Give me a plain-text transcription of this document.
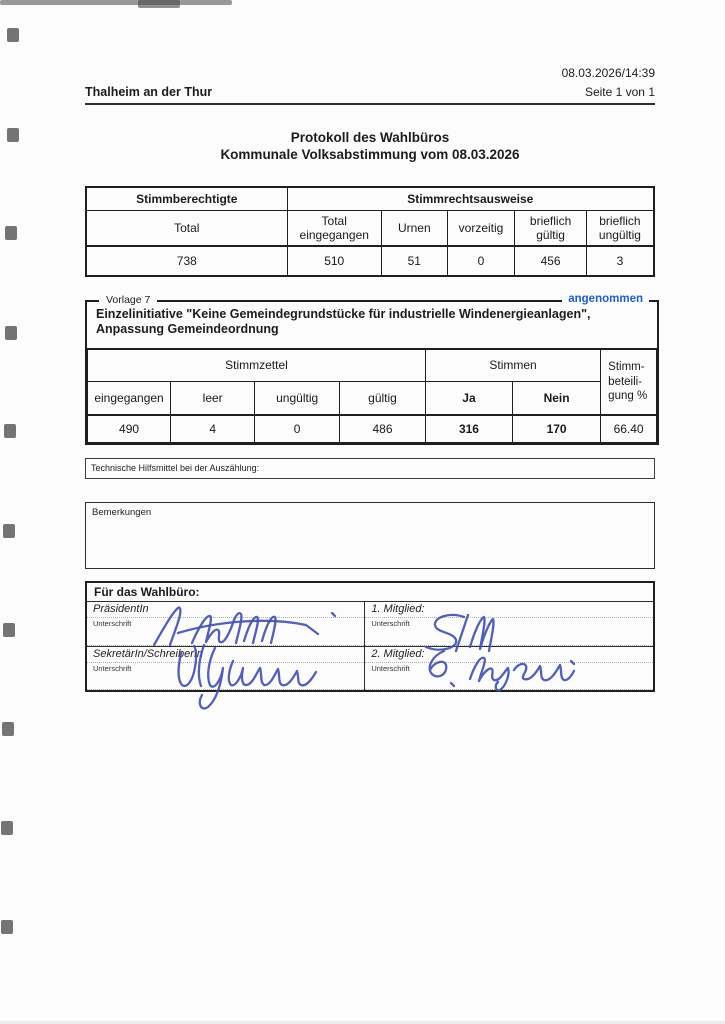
08.03.2026/14:39
Thalheim an der Thur	Seite 1 von 1
Protokoll des Wahlbüros
Kommunale Volksabstimmung vom 08.03.2026
Stimmberechtigte	Stimmrechtsausweise				
Total	Total eingegangen	Urnen	vorzeitig	brieflich gültig	brieflich ungültig
738	510	51	0	456	3
Vorlage 7	angenommen
Einzelinitiative "Keine Gemeindegrundstücke für industrielle Windenergieanlagen",
Anpassung Gemeindeordnung
Stimmzettel				Stimmen		Stimm-
beteili-
gung %

eingegangen	leer	ungültig	gültig	Ja	Nein	
490	4	0	486	316	170	66.40
Technische Hilfsmittel bei der Auszählung:
Bemerkungen
Für das Wahlbüro:
PräsidentIn
Unterschrift
SekretärIn/SchreiberIn
Unterschrift
1. Mitglied:
Unterschrift
2. Mitglied:
Unterschrift
